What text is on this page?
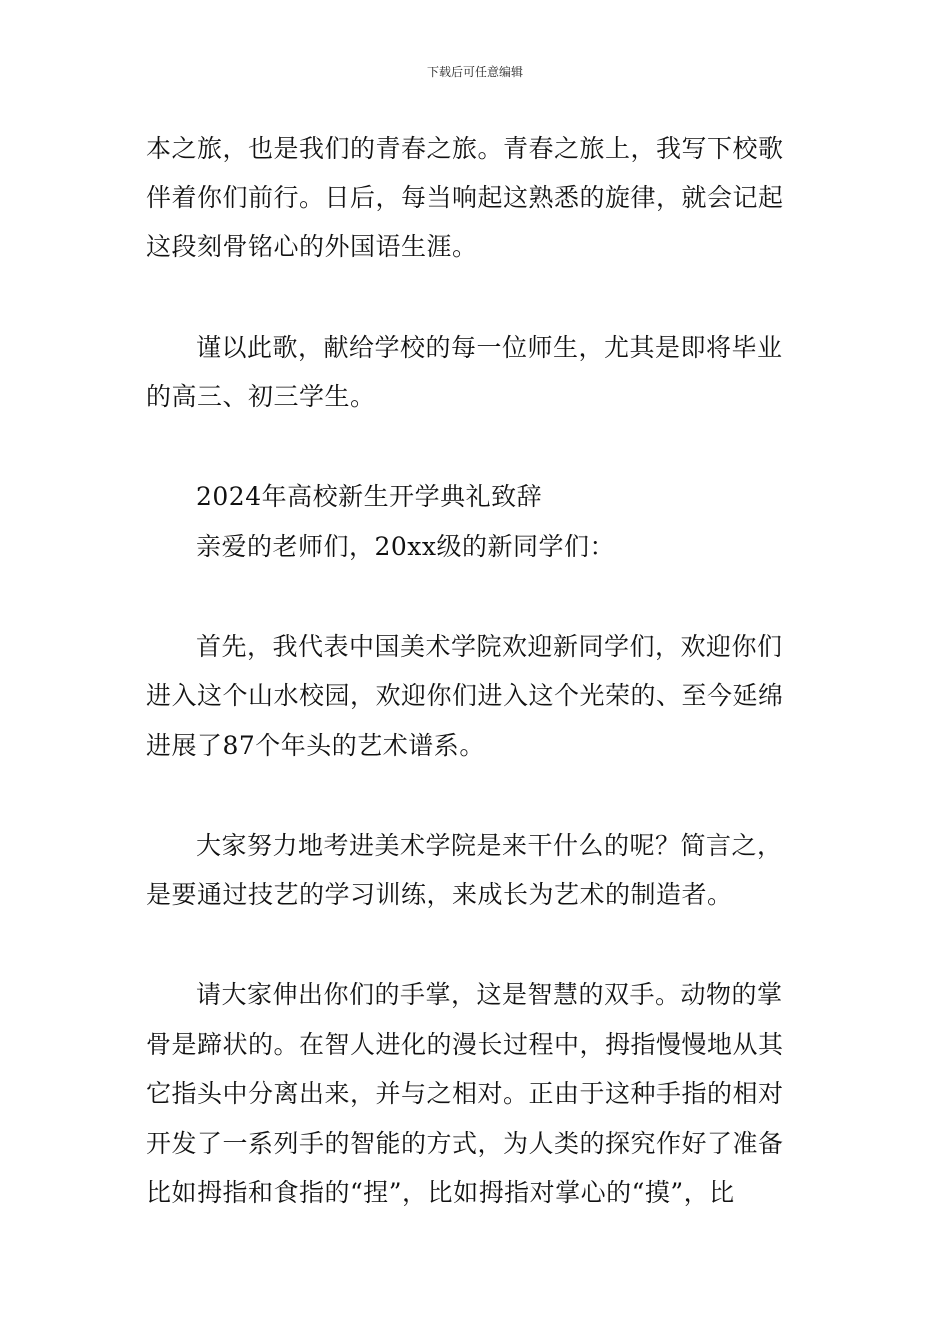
下载后可任意编辑
本之旅，也是我们的青春之旅。青春之旅上，我写下校歌
伴着你们前行。日后，每当响起这熟悉的旋律，就会记起
这段刻骨铭心的外国语生涯。
谨以此歌，献给学校的每一位师生，尤其是即将毕业
的高三、初三学生。
2024年高校新生开学典礼致辞
亲爱的老师们，20xx级的新同学们：
首先，我代表中国美术学院欢迎新同学们，欢迎你们
进入这个山水校园，欢迎你们进入这个光荣的、至今延绵
进展了87个年头的艺术谱系。
大家努力地考进美术学院是来干什么的呢？简言之，
是要通过技艺的学习训练，来成长为艺术的制造者。
请大家伸出你们的手掌，这是智慧的双手。动物的掌
骨是蹄状的。在智人进化的漫长过程中，拇指慢慢地从其
它指头中分离出来，并与之相对。正由于这种手指的相对
开发了一系列手的智能的方式，为人类的探究作好了准备
比如拇指和食指的“捏”，比如拇指对掌心的“摸”，比
